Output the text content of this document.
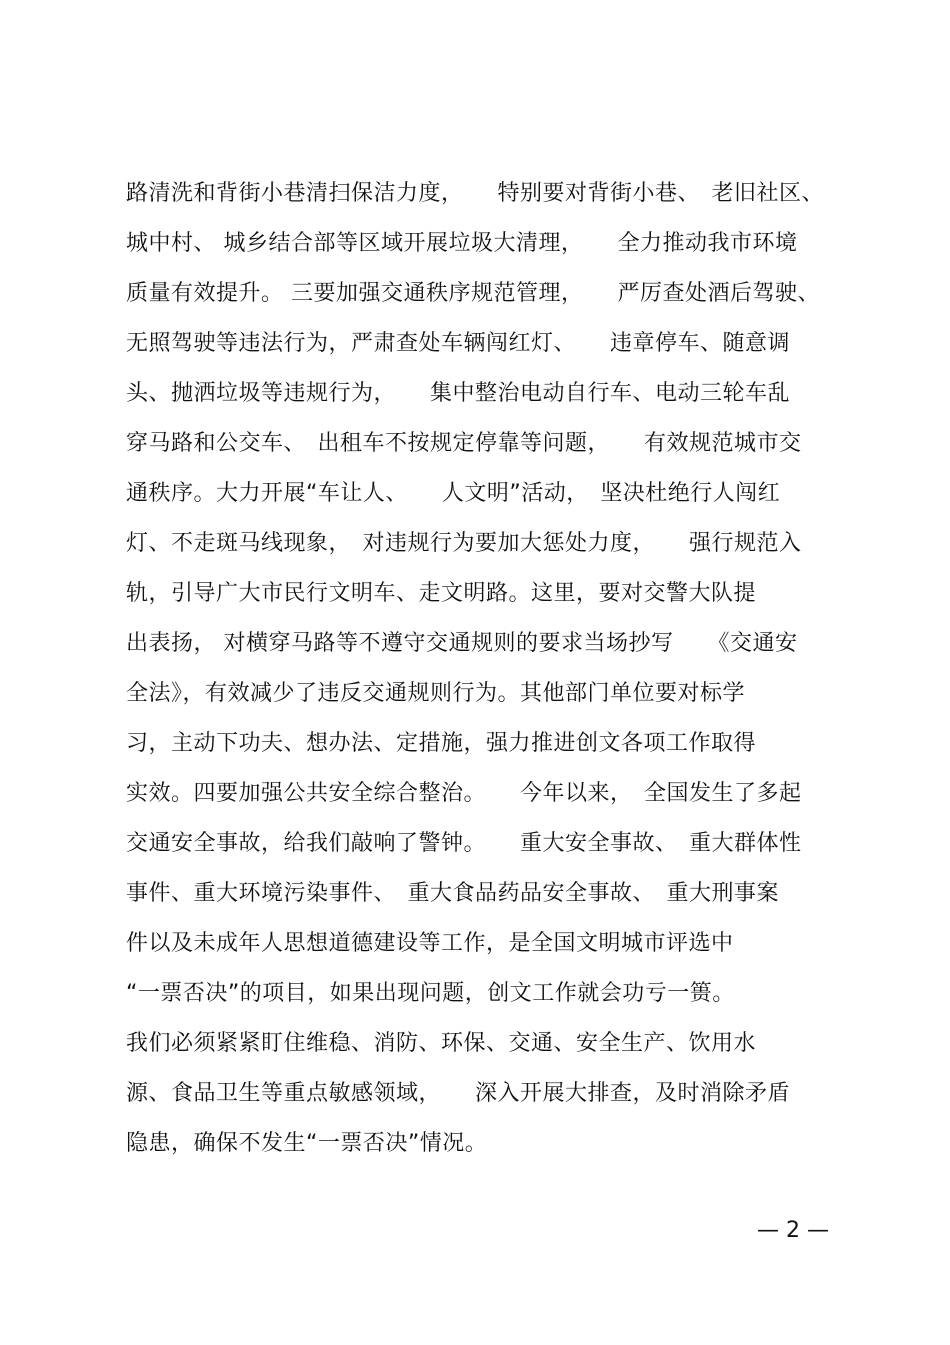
路清洗和背街小巷清扫保洁力度，　　特别要对背街小巷、　老旧社区、
城中村、 城乡结合部等区域开展垃圾大清理，　　全力推动我市环境
质量有效提升。 三要加强交通秩序规范管理，　　严厉查处酒后驾驶、
无照驾驶等违法行为，严肃查处车辆闯红灯、　　违章停车、随意调
头、抛洒垃圾等违规行为，　　集中整治电动自行车、电动三轮车乱
穿马路和公交车、　出租车不按规定停靠等问题，　　有效规范城市交
通秩序。大力开展“车让人、　　人文明”活动，　坚决杜绝行人闯红
灯、不走斑马线现象，　对违规行为要加大惩处力度，　　强行规范入
轨，引导广大市民行文明车、走文明路。这里，要对交警大队提
出表扬， 对横穿马路等不遵守交通规则的要求当场抄写　　《交通安
全法》，有效减少了违反交通规则行为。其他部门单位要对标学
习，主动下功夫、想办法、定措施，强力推进创文各项工作取得
实效。四要加强公共安全综合整治。　　今年以来，　全国发生了多起
交通安全事故，给我们敲响了警钟。　　重大安全事故、　重大群体性
事件、重大环境污染事件、　重大食品药品安全事故、　重大刑事案
件以及未成年人思想道德建设等工作，是全国文明城市评选中
“一票否决”的项目，如果出现问题，创文工作就会功亏一篑。
我们必须紧紧盯住维稳、消防、环保、交通、安全生产、饮用水
源、食品卫生等重点敏感领域，　　深入开展大排查，及时消除矛盾
隐患，确保不发生“一票否决”情况。
— 2 —
